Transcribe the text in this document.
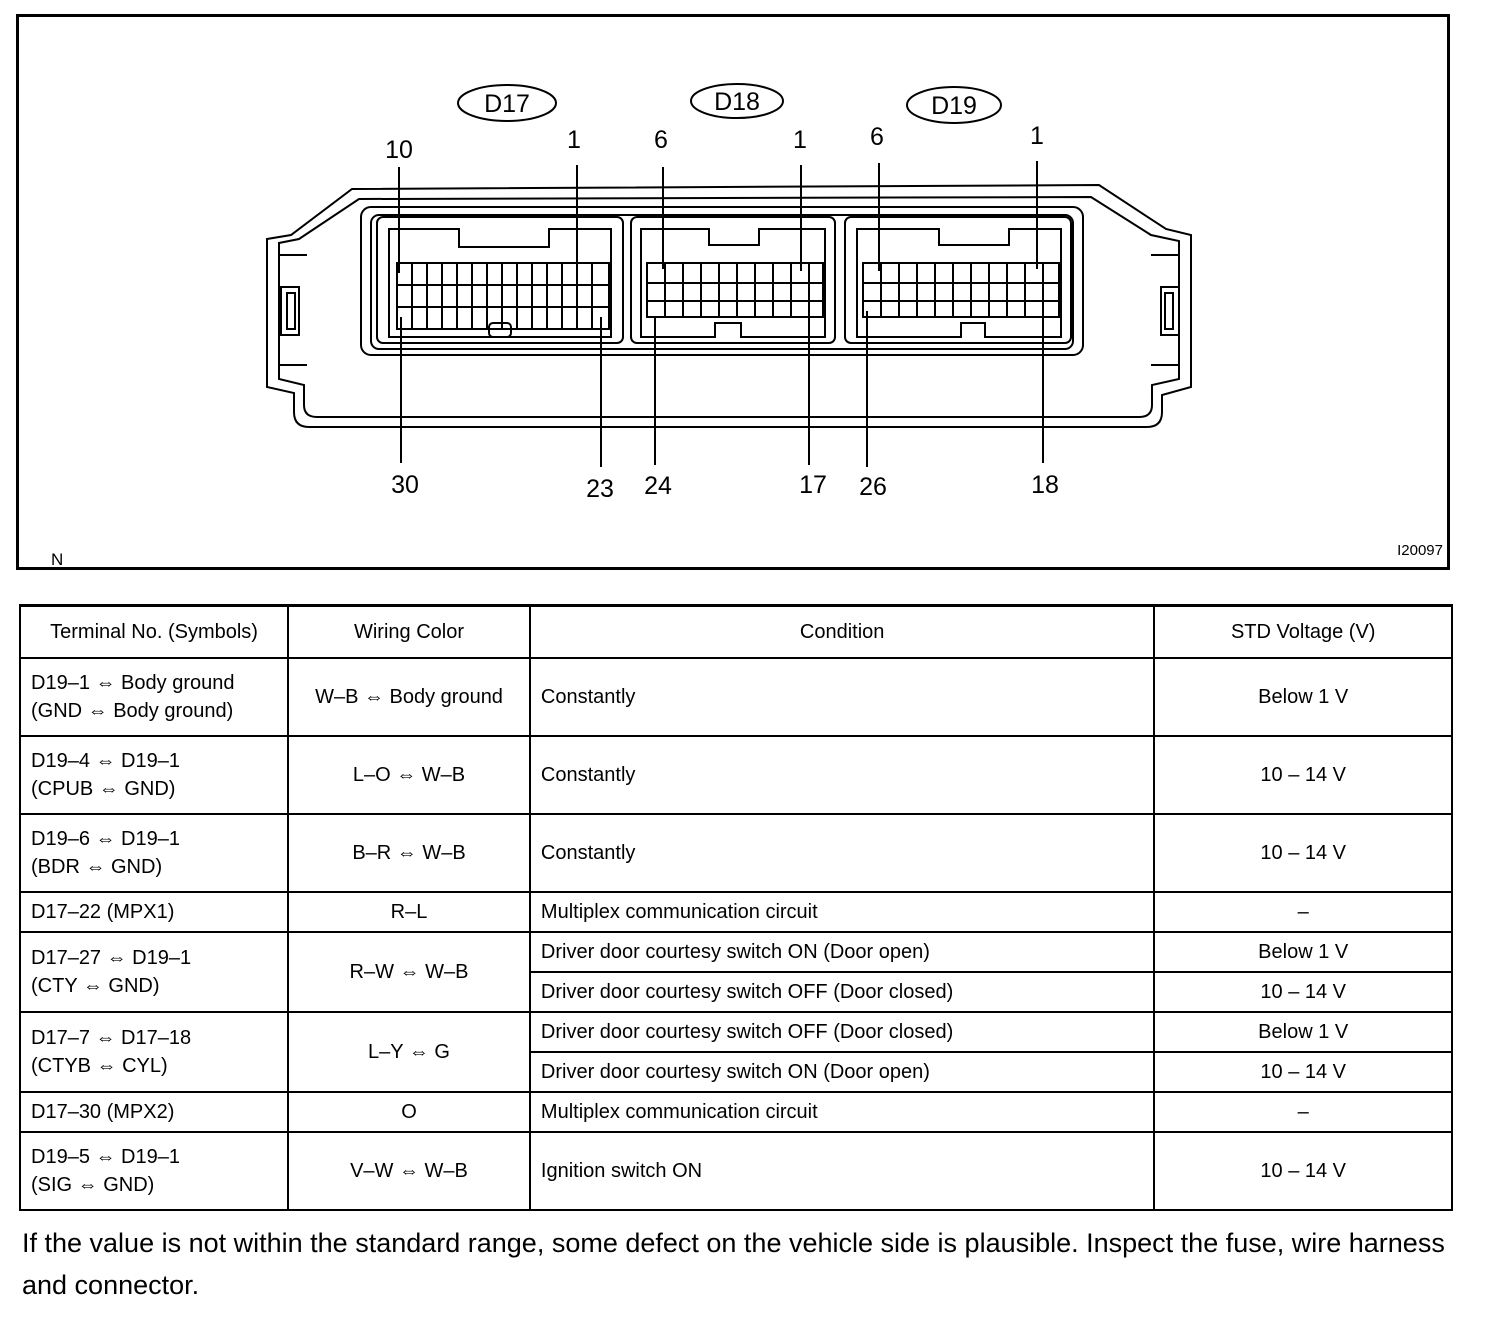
D17	D18	D19
10	1	6	1	6	1
30	23 24	17 26	18
N	I20097
Terminal No. (Symbols)	Wiring Color	Condition	STD Voltage (V)

D19–1 ⇔ Body ground
(GND ⇔ Body ground)	W–B ⇔ Body ground	Constantly	Below 1 V

D19–4 ⇔ D19–1
(CPUB ⇔ GND)	L–O ⇔ W–B	Constantly	10 – 14 V

D19–6 ⇔ D19–1
(BDR ⇔ GND)	B–R ⇔ W–B	Constantly	10 – 14 V
D17–22 (MPX1)	R–L	Multiplex communication circuit	–

D17–27 ⇔ D19–1
(CTY ⇔ GND)	R–W ⇔ W–B	Driver door courtesy switch ON (Door open)	Below 1 V
		Driver door courtesy switch OFF (Door closed)	10 – 14 V

D17–7 ⇔ D17–18
(CTYB ⇔ CYL)	L–Y ⇔ G	Driver door courtesy switch OFF (Door closed)	Below 1 V
		Driver door courtesy switch ON (Door open)	10 – 14 V
D17–30 (MPX2)	O	Multiplex communication circuit	–

D19–5 ⇔ D19–1
(SIG ⇔ GND)	V–W ⇔ W–B	Ignition switch ON	10 – 14 V
If the value is not within the standard range, some defect on the vehicle side is plausible. Inspect the fuse, wire harness and connector.
